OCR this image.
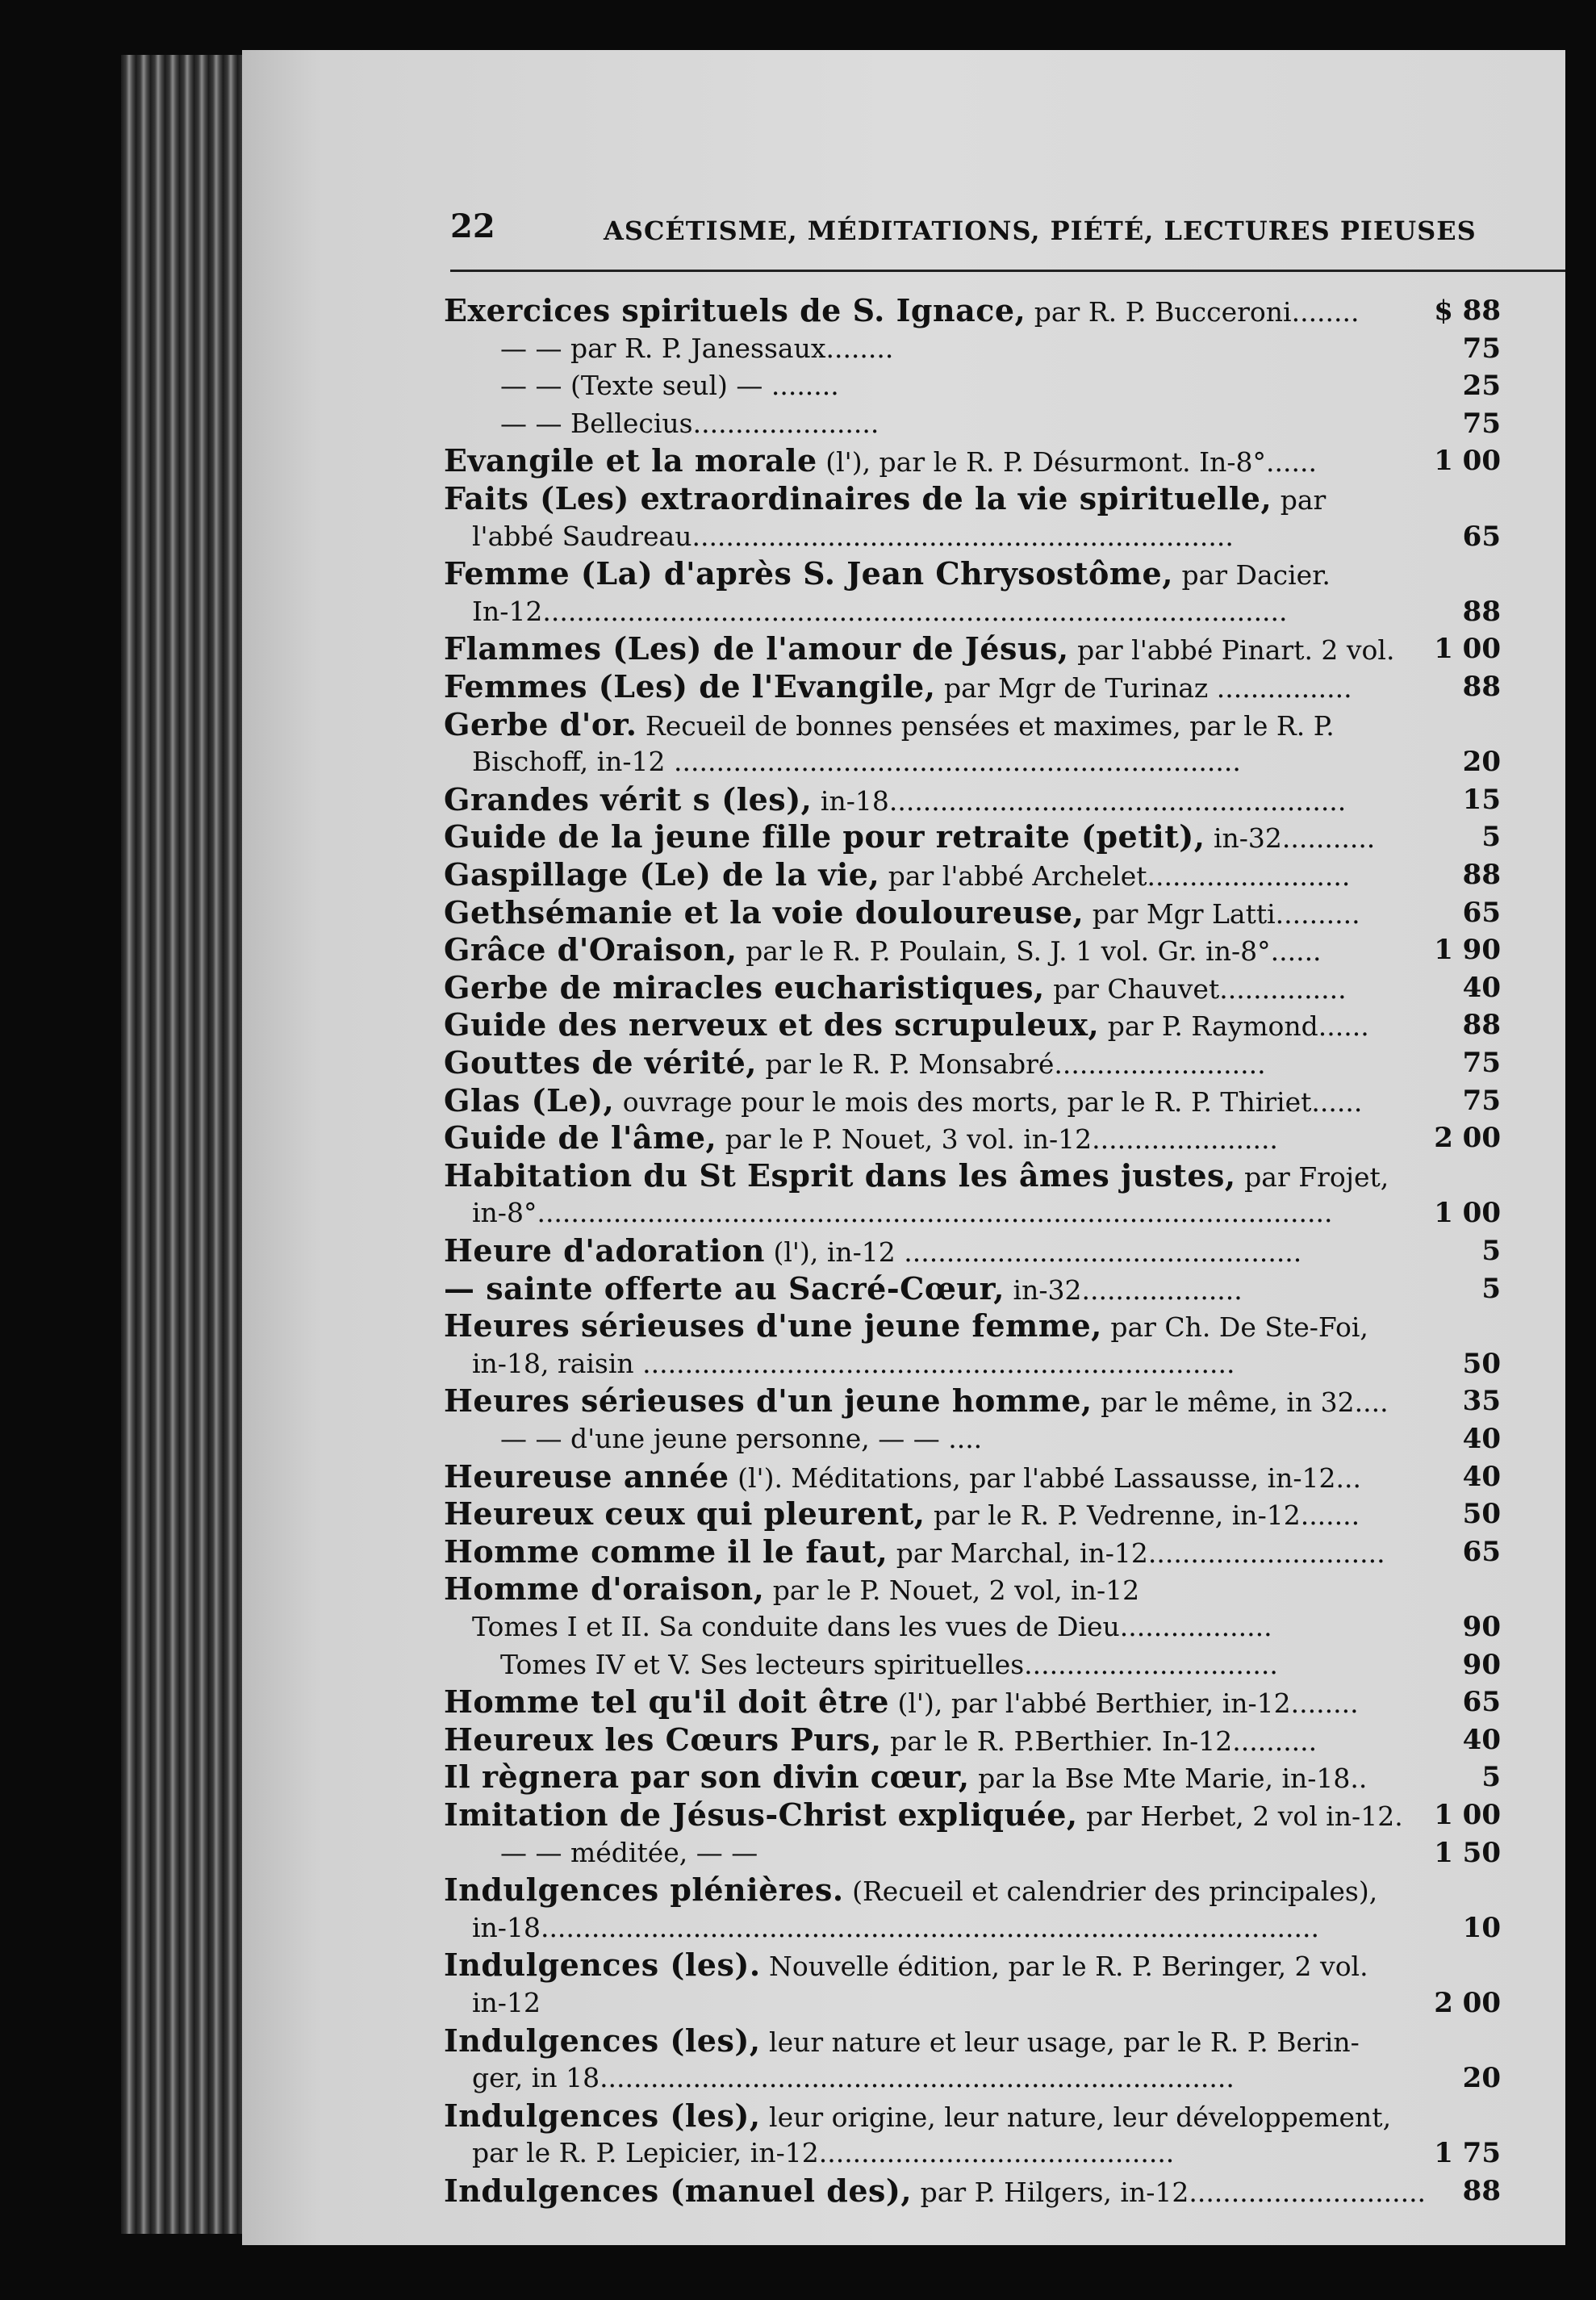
22	ASCÉTISME, MÉDITATIONS, PIÉTÉ, LECTURES PIEUSES
Exercices spirituels de S. Ignace, par R. P. Bucceroni........	$ 88
— — par R. P. Janessaux........	75
— — (Texte seul) — ........	25
— — Bellecius......................	75
Evangile et la morale (l'), par le R. P. Désurmont. In-8°......	1 00
Faits (Les) extraordinaires de la vie spirituelle, par
l'abbé Saudreau................................................................	65
Femme (La) d'après S. Jean Chrysostôme, par Dacier.
In-12........................................................................................	88
Flammes (Les) de l'amour de Jésus, par l'abbé Pinart. 2 vol.	1 00
Femmes (Les) de l'Evangile, par Mgr de Turinaz ................	88
Gerbe d'or. Recueil de bonnes pensées et maximes, par le R. P.
Bischoff, in-12 ...................................................................	20
Grandes vérit s (les), in-18......................................................	15
Guide de la jeune fille pour retraite (petit), in-32...........	5
Gaspillage (Le) de la vie, par l'abbé Archelet........................	88
Gethsémanie et la voie douloureuse, par Mgr Latti..........	65
Grâce d'Oraison, par le R. P. Poulain, S. J. 1 vol. Gr. in-8°......	1 90
Gerbe de miracles eucharistiques, par Chauvet...............	40
Guide des nerveux et des scrupuleux, par P. Raymond......	88
Gouttes de vérité, par le R. P. Monsabré.........................	75
Glas (Le), ouvrage pour le mois des morts, par le R. P. Thiriet......	75
Guide de l'âme, par le P. Nouet, 3 vol. in-12......................	2 00
Habitation du St Esprit dans les âmes justes, par Frojet,
in-8°..............................................................................................	1 00
Heure d'adoration (l'), in-12 ...............................................	5
— sainte offerte au Sacré-Cœur, in-32...................	5
Heures sérieuses d'une jeune femme, par Ch. De Ste-Foi,
in-18, raisin ......................................................................	50
Heures sérieuses d'un jeune homme, par le même, in 32....	35
— — d'une jeune personne, — — ....	40
Heureuse année (l'). Méditations, par l'abbé Lassausse, in-12...	40
Heureux ceux qui pleurent, par le R. P. Vedrenne, in-12.......	50
Homme comme il le faut, par Marchal, in-12............................	65
Homme d'oraison, par le P. Nouet, 2 vol, in-12
Tomes I et II. Sa conduite dans les vues de Dieu..................	90
Tomes IV et V. Ses lecteurs spirituelles..............................	90
Homme tel qu'il doit être (l'), par l'abbé Berthier, in-12........	65
Heureux les Cœurs Purs, par le R. P.Berthier. In-12..........	40
Il règnera par son divin cœur, par la Bse Mte Marie, in-18..	5
Imitation de Jésus-Christ expliquée, par Herbet, 2 vol in-12.	1 00
— — méditée, — —	1 50
Indulgences plénières. (Recueil et calendrier des principales),
in-18............................................................................................	10
Indulgences (les). Nouvelle édition, par le R. P. Beringer, 2 vol.
in-12	2 00
Indulgences (les), leur nature et leur usage, par le R. P. Berin-
ger, in 18...........................................................................	20
Indulgences (les), leur origine, leur nature, leur développement,
par le R. P. Lepicier, in-12..........................................	1 75
Indulgences (manuel des), par P. Hilgers, in-12............................	88
